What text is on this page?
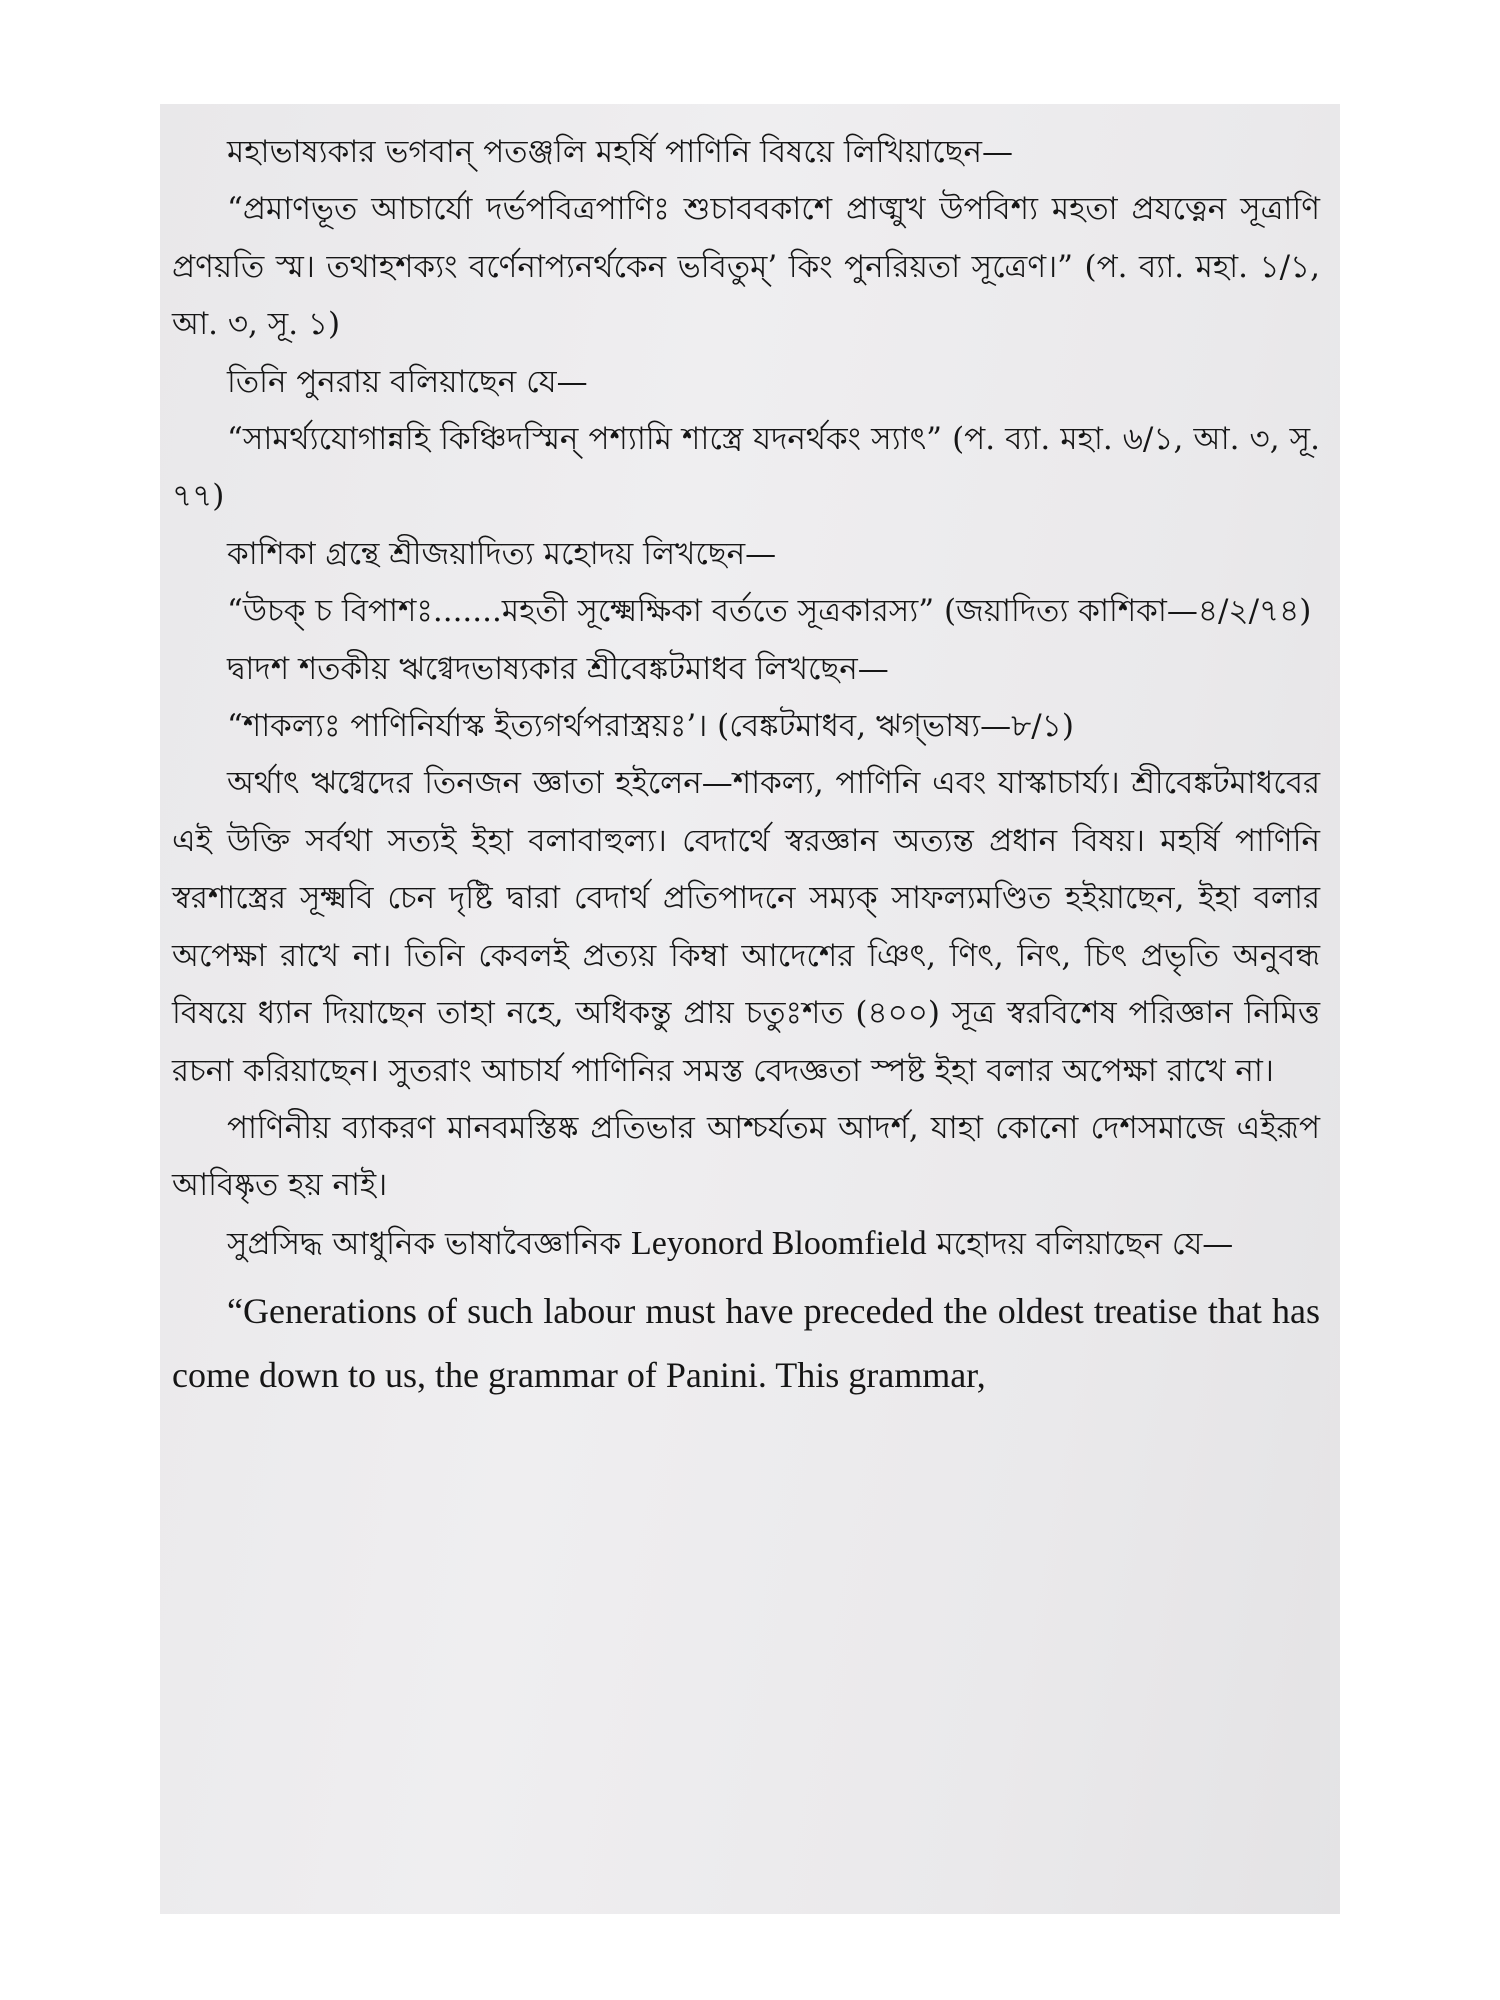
মহাভাষ্যকার ভগবান্ পতঞ্জলি মহর্ষি পাণিনি বিষয়ে লিখিয়াছেন—

“প্রমাণভূত আচার্যো দর্ভপবিত্রপাণিঃ শুচাববকাশে প্রাঙ্মুখ উপবিশ্য মহতা প্রযত্নেন সূত্রাণি প্রণয়তি স্ম। তথাহশক্যং বর্ণেনাপ্যনর্থকেন ভবিতুম্’ কিং পুনরিয়তা সূত্রেণ।” (প. ব্যা. মহা. ১/১, আ. ৩, সূ. ১)

তিনি পুনরায় বলিয়াছেন যে—

“সামর্থ্যযোগান্নহি কিঞ্চিদস্মিন্ পশ্যামি শাস্ত্রে যদনর্থকং স্যাৎ” (প. ব্যা. মহা. ৬/১, আ. ৩, সূ. ৭৭)

কাশিকা গ্রন্থে শ্রীজয়াদিত্য মহোদয় লিখছেন—

“উচক্ চ বিপাশঃ.......মহতী সূক্ষ্মেক্ষিকা বর্ততে সূত্রকারস্য” (জয়াদিত্য কাশিকা—৪/২/৭৪)

দ্বাদশ শতকীয় ঋগ্বেদভাষ্যকার শ্রীবেঙ্কটমাধব লিখছেন—

“শাকল্যঃ পাণিনির্যাস্ক ইত্যগর্থপরাস্ত্রয়ঃ’। (বেঙ্কটমাধব, ঋগ্ভাষ্য—৮/১)

অর্থাৎ ঋগ্বেদের তিনজন জ্ঞাতা হইলেন—শাকল্য, পাণিনি এবং যাস্কাচার্য্য। শ্রীবেঙ্কটমাধবের এই উক্তি সর্বথা সত্যই ইহা বলাবাহুল্য। বেদার্থে স্বরজ্ঞান অত্যন্ত প্রধান বিষয়। মহর্ষি পাণিনি স্বরশাস্ত্রের সূক্ষ্মবি চেন দৃষ্টি দ্বারা বেদার্থ প্রতিপাদনে সম্যক্ সাফল্যমণ্ডিত হইয়াছেন, ইহা বলার অপেক্ষা রাখে না। তিনি কেবলই প্রত্যয় কিম্বা আদেশের ঞিৎ, ণিৎ, নিৎ, চিৎ প্রভৃতি অনুবন্ধ বিষয়ে ধ্যান দিয়াছেন তাহা নহে, অধিকন্তু প্রায় চতুঃশত (৪০০) সূত্র স্বরবিশেষ পরিজ্ঞান নিমিত্ত রচনা করিয়াছেন। সুতরাং আচার্য পাণিনির সমস্ত বেদজ্ঞতা স্পষ্ট ইহা বলার অপেক্ষা রাখে না।

পাণিনীয় ব্যাকরণ মানবমস্তিষ্ক প্রতিভার আশ্চর্যতম আদর্শ, যাহা কোনো দেশসমাজে এইরূপ আবিষ্কৃত হয় নাই।

সুপ্রসিদ্ধ আধুনিক ভাষাবৈজ্ঞানিক Leyonord Bloomfield মহোদয় বলিয়াছেন যে—

“Generations of such labour must have preceded the oldest treatise that has come down to us, the grammar of Panini. This grammar,
